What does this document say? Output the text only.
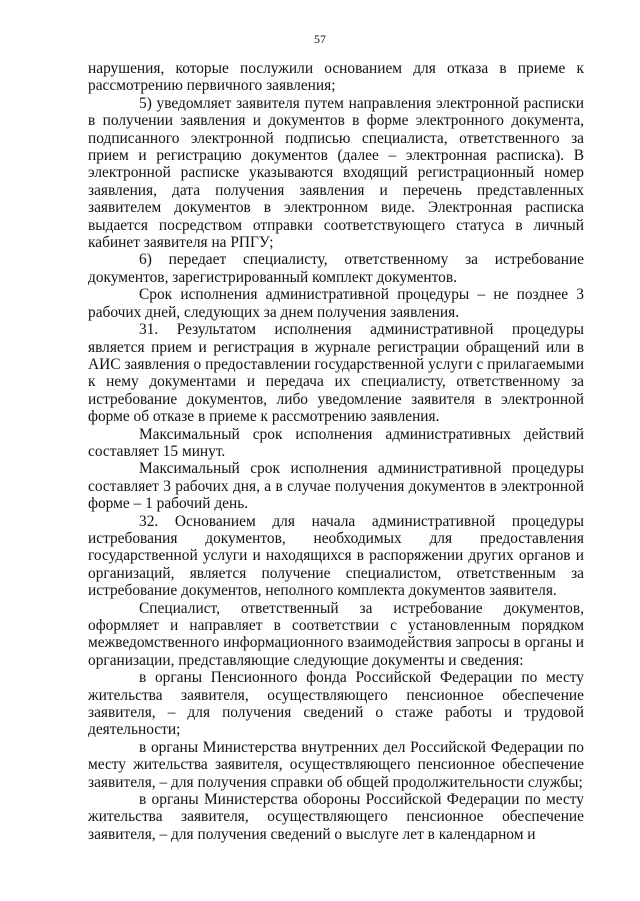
57

нарушения, которые послужили основанием для отказа в приеме к рассмотрению первичного заявления;

5) уведомляет заявителя путем направления электронной расписки в получении заявления и документов в форме электронного документа, подписанного электронной подписью специалиста, ответственного за прием и регистрацию документов (далее – электронная расписка). В электронной расписке указываются входящий регистрационный номер заявления, дата получения заявления и перечень представленных заявителем документов в электронном виде. Электронная расписка выдается посредством отправки соответствующего статуса в личный кабинет заявителя на РПГУ;

6) передает специалисту, ответственному за истребование документов, зарегистрированный комплект документов.

Срок исполнения административной процедуры – не позднее 3 рабочих дней, следующих за днем получения заявления.

31. Результатом исполнения административной процедуры является прием и регистрация в журнале регистрации обращений или в АИС заявления о предоставлении государственной услуги с прилагаемыми к нему документами и передача их специалисту, ответственному за истребование документов, либо уведомление заявителя в электронной форме об отказе в приеме к рассмотрению заявления.

Максимальный срок исполнения административных действий составляет 15 минут.

Максимальный срок исполнения административной процедуры составляет 3 рабочих дня, а в случае получения документов в электронной форме – 1 рабочий день.

32. Основанием для начала административной процедуры истребования документов, необходимых для предоставления государственной услуги и находящихся в распоряжении других органов и организаций, является получение специалистом, ответственным за истребование документов, неполного комплекта документов заявителя.

Специалист, ответственный за истребование документов, оформляет и направляет в соответствии с установленным порядком межведомственного информационного взаимодействия запросы в органы и организации, представляющие следующие документы и сведения:

в органы Пенсионного фонда Российской Федерации по месту жительства заявителя, осуществляющего пенсионное обеспечение заявителя, – для получения сведений о стаже работы и трудовой деятельности;

в органы Министерства внутренних дел Российской Федерации по месту жительства заявителя, осуществляющего пенсионное обеспечение заявителя, – для получения справки об общей продолжительности службы;

в органы Министерства обороны Российской Федерации по месту жительства заявителя, осуществляющего пенсионное обеспечение заявителя, – для получения сведений о выслуге лет в календарном и
